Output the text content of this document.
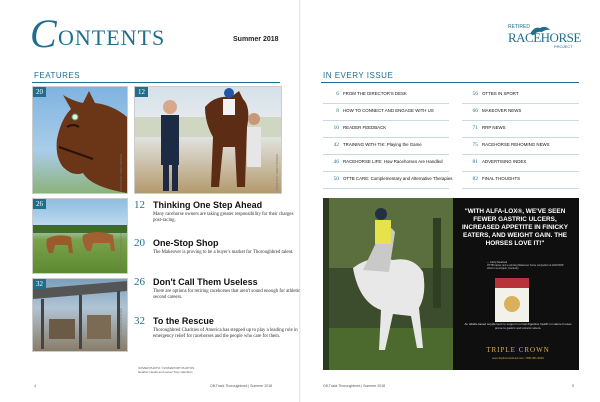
C ONTENTS	Summer 2018
RETIRED
RACEHORSE
PROJECT
FEATURES	IN EVERY ISSUE
20
COURTESY TRACY BOWEN
12
COURTESY TRACY BOWEN
26
COURTESY KEVIN MCNULTY
32
COURTESY KRISTIN PAYNTER
12 Thinking One Step Ahead
Many racehorse owners are taking greater responsibility for their charges post-racing.
20 One-Stop Shop
The Makeover is proving to be a buyer's market for Thoroughbred talent.
26 Don't Call Them Useless
There are options for retiring racehorses that aren't sound enough for athletic second careers.
32 To the Rescue
Thoroughbred Charities of America has stepped up to play a leading role in emergency relief for racehorses and the people who care for them.
COVER PHOTO: ©ZUMAPORT PHOTOS
Heather Hewitt and owner Tony Hamilton
6 FROM THE DIRECTOR'S DESK
8 HOW TO CONNECT AND ENGAGE WITH US
10 READER FEEDBACK
42 TRAINING WITH TIK: Playing the Game
46 RACEHORSE LIFE: How Racehorses Are Handled
50 OTTB CARE: Complementary and Alternative Therapies
56 OTTBS IN SPORT
66 MAKEOVER NEWS
71 RRP NEWS
75 RACEHORSE REHOMING NEWS
81 ADVERTISING INDEX
82 FINAL THOUGHTS
"WITH ALFA-LOX®, WE'VE SEEN FEWER GASTRIC ULCERS, INCREASED APPETITE IN FINICKY EATERS, AND WEIGHT GAIN. THE HORSES LOVE IT!"
— Kathy Meahard
OTTB trainer and a winning Makeover horse competitor at 2018 RRP show in Lexington, Kentucky
An alfalfa-based supplement to support normal digestive health in mature horses prone to gastric and colonic ulcers.
TRIPLE CROWN
www.triplecrownfeed.com • 800-451-9916
4	Off-Track Thoroughbred | Summer 2018	Off-Track Thoroughbred | Summer 2018	5
